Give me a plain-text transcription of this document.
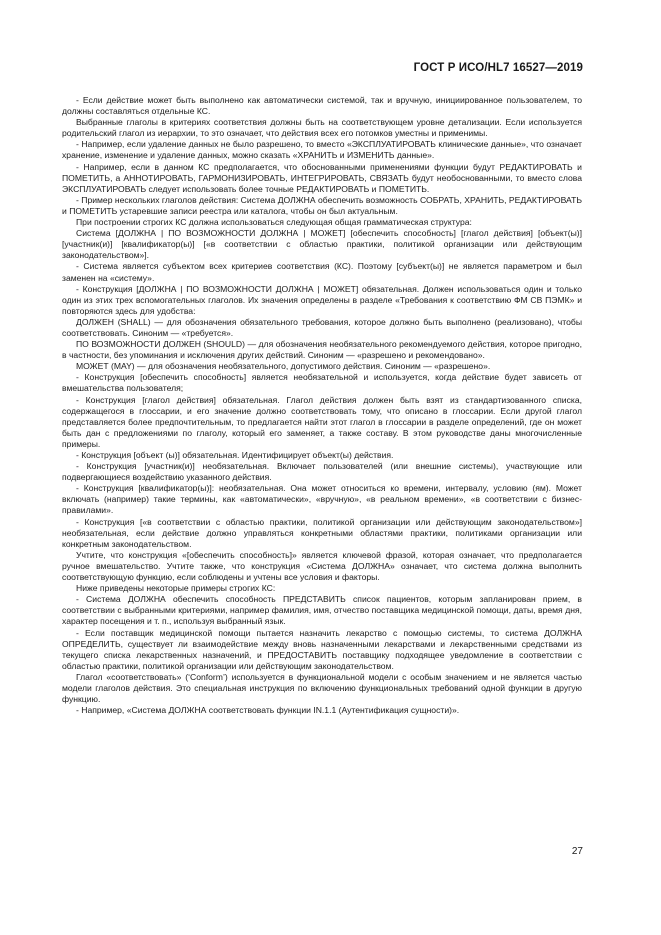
ГОСТ Р ИСО/HL7 16527—2019

- Если действие может быть выполнено как автоматически системой, так и вручную, инициированное пользователем, то должны составляться отдельные КС.

Выбранные глаголы в критериях соответствия должны быть на соответствующем уровне детализации. Если используется родительский глагол из иерархии, то это означает, что действия всех его потомков уместны и применимы.

- Например, если удаление данных не было разрешено, то вместо «ЭКСПЛУАТИРОВАТЬ клинические данные», что означает хранение, изменение и удаление данных, можно сказать «ХРАНИТЬ и ИЗМЕНИТЬ данные».

- Например, если в данном КС предполагается, что обоснованными применениями функции будут РЕДАКТИРОВАТЬ и ПОМЕТИТЬ, а АННОТИРОВАТЬ, ГАРМОНИЗИРОВАТЬ, ИНТЕГРИРОВАТЬ, СВЯЗАТЬ будут необоснованными, то вместо слова ЭКСПЛУАТИРОВАТЬ следует использовать более точные РЕДАКТИРОВАТЬ и ПОМЕТИТЬ.

- Пример нескольких глаголов действия: Система ДОЛЖНА обеспечить возможность СОБРАТЬ, ХРАНИТЬ, РЕДАКТИРОВАТЬ и ПОМЕТИТЬ устаревшие записи реестра или каталога, чтобы он был актуальным.

При построении строгих КС должна использоваться следующая общая грамматическая структура:

Система [ДОЛЖНА | ПО ВОЗМОЖНОСТИ ДОЛЖНА | МОЖЕТ] [обеспечить способность] [глагол действия] [объект(ы)] [участник(и)] [квалификатор(ы)] [«в соответствии с областью практики, политикой организации или действующим законодательством»].

- Система является субъектом всех критериев соответствия (КС). Поэтому [субъект(ы)] не является параметром и был заменен на «систему».

- Конструкция [ДОЛЖНА | ПО ВОЗМОЖНОСТИ ДОЛЖНА | МОЖЕТ] обязательная. Должен использоваться один и только один из этих трех вспомогательных глаголов. Их значения определены в разделе «Требования к соответствию ФМ СВ ПЭМК» и повторяются здесь для удобства:

ДОЛЖЕН (SHALL) — для обозначения обязательного требования, которое должно быть выполнено (реализовано), чтобы соответствовать. Синоним — «требуется».

ПО ВОЗМОЖНОСТИ ДОЛЖЕН (SHOULD) — для обозначения необязательного рекомендуемого действия, которое пригодно, в частности, без упоминания и исключения других действий. Синоним — «разрешено и рекомендовано».

МОЖЕТ (MAY) — для обозначения необязательного, допустимого действия. Синоним — «разрешено».

- Конструкция [обеспечить способность] является необязательной и используется, когда действие будет зависеть от вмешательства пользователя;

- Конструкция [глагол действия] обязательная. Глагол действия должен быть взят из стандартизованного списка, содержащегося в глоссарии, и его значение должно соответствовать тому, что описано в глоссарии. Если другой глагол представляется более предпочтительным, то предлагается найти этот глагол в глоссарии в разделе определений, где он может быть дан с предложениями по глаголу, который его заменяет, а также составу. В этом руководстве даны многочисленные примеры.

- Конструкция [объект (ы)] обязательная. Идентифицирует объект(ы) действия.

- Конструкция [участник(и)] необязательная. Включает пользователей (или внешние системы), участвующие или подвергающиеся воздействию указанного действия.

- Конструкция [квалификатор(ы)]: необязательная. Она может относиться ко времени, интервалу, условию (ям). Может включать (например) такие термины, как «автоматически», «вручную», «в реальном времени», «в соответствии с бизнес-правилами».

- Конструкция [«в соответствии с областью практики, политикой организации или действующим законодательством»] необязательная, если действие должно управляться конкретными областями практики, политиками организации или конкретным законодательством.

Учтите, что конструкция «[обеспечить способность]» является ключевой фразой, которая означает, что предполагается ручное вмешательство. Учтите также, что конструкция «Система ДОЛЖНА» означает, что система должна выполнить соответствующую функцию, если соблюдены и учтены все условия и факторы.

Ниже приведены некоторые примеры строгих КС:

- Система ДОЛЖНА обеспечить способность ПРЕДСТАВИТЬ список пациентов, которым запланирован прием, в соответствии с выбранными критериями, например фамилия, имя, отчество поставщика медицинской помощи, даты, время дня, характер посещения и т. п., используя выбранный язык.

- Если поставщик медицинской помощи пытается назначить лекарство с помощью системы, то система ДОЛЖНА ОПРЕДЕЛИТЬ, существует ли взаимодействие между вновь назначенными лекарствами и лекарственными средствами из текущего списка лекарственных назначений, и ПРЕДОСТАВИТЬ поставщику подходящее уведомление в соответствии с областью практики, политикой организации или действующим законодательством.

Глагол «соответствовать» (‘Conform’) используется в функциональной модели с особым значением и не является частью модели глаголов действия. Это специальная инструкция по включению функциональных требований одной функции в другую функцию.

- Например, «Система ДОЛЖНА соответствовать функции IN.1.1 (Аутентификация сущности)».

27
